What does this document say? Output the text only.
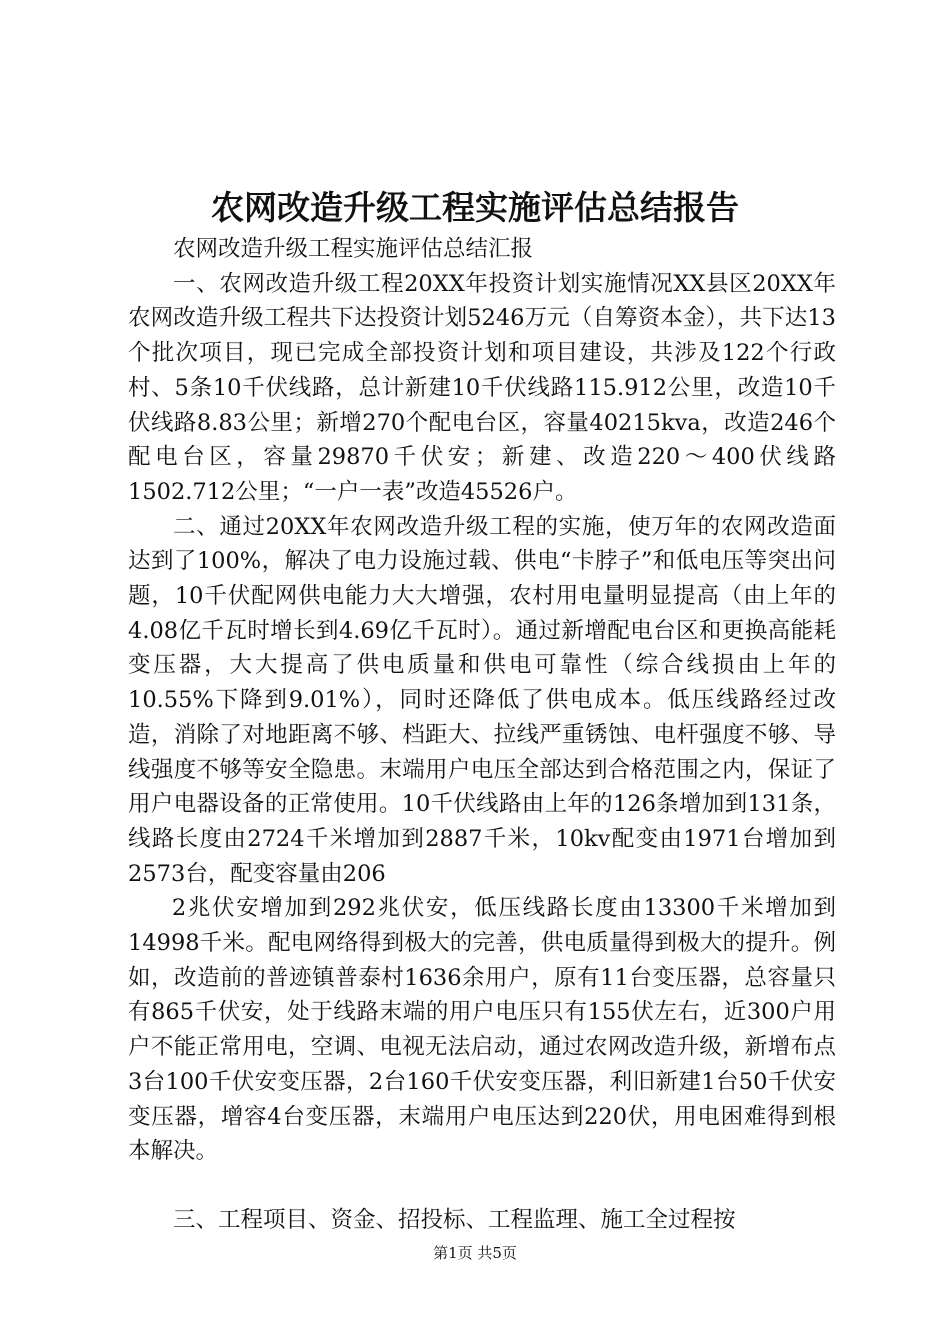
农网改造升级工程实施评估总结报告

农网改造升级工程实施评估总结汇报

一、农网改造升级工程20XX年投资计划实施情况XX县区20XX年农网改造升级工程共下达投资计划5246万元（自筹资本金），共下达13个批次项目，现已完成全部投资计划和项目建设，共涉及122个行政村、5条10千伏线路，总计新建10千伏线路115.912公里，改造10千伏线路8.83公里；新增270个配电台区，容量40215kva，改造246个配电台区，容量29870千伏安；新建、改造220～400伏线路1502.712公里；“一户一表”改造45526户。

二、通过20XX年农网改造升级工程的实施，使万年的农网改造面达到了100%，解决了电力设施过载、供电“卡脖子”和低电压等突出问题，10千伏配网供电能力大大增强，农村用电量明显提高（由上年的4.08亿千瓦时增长到4.69亿千瓦时）。通过新增配电台区和更换高能耗变压器，大大提高了供电质量和供电可靠性（综合线损由上年的10.55%下降到9.01%），同时还降低了供电成本。低压线路经过改造，消除了对地距离不够、档距大、拉线严重锈蚀、电杆强度不够、导线强度不够等安全隐患。末端用户电压全部达到合格范围之内，保证了用户电器设备的正常使用。10千伏线路由上年的126条增加到131条，线路长度由2724千米增加到2887千米，10kv配变由1971台增加到2573台，配变容量由206

2兆伏安增加到292兆伏安，低压线路长度由13300千米增加到14998千米。配电网络得到极大的完善，供电质量得到极大的提升。例如，改造前的普迹镇普泰村1636余用户，原有11台变压器，总容量只有865千伏安，处于线路末端的用户电压只有155伏左右，近300户用户不能正常用电，空调、电视无法启动，通过农网改造升级，新增布点3台100千伏安变压器，2台160千伏安变压器，利旧新建1台50千伏安变压器，增容4台变压器，末端用户电压达到220伏，用电困难得到根本解决。

三、工程项目、资金、招投标、工程监理、施工全过程按

第1页 共5页
